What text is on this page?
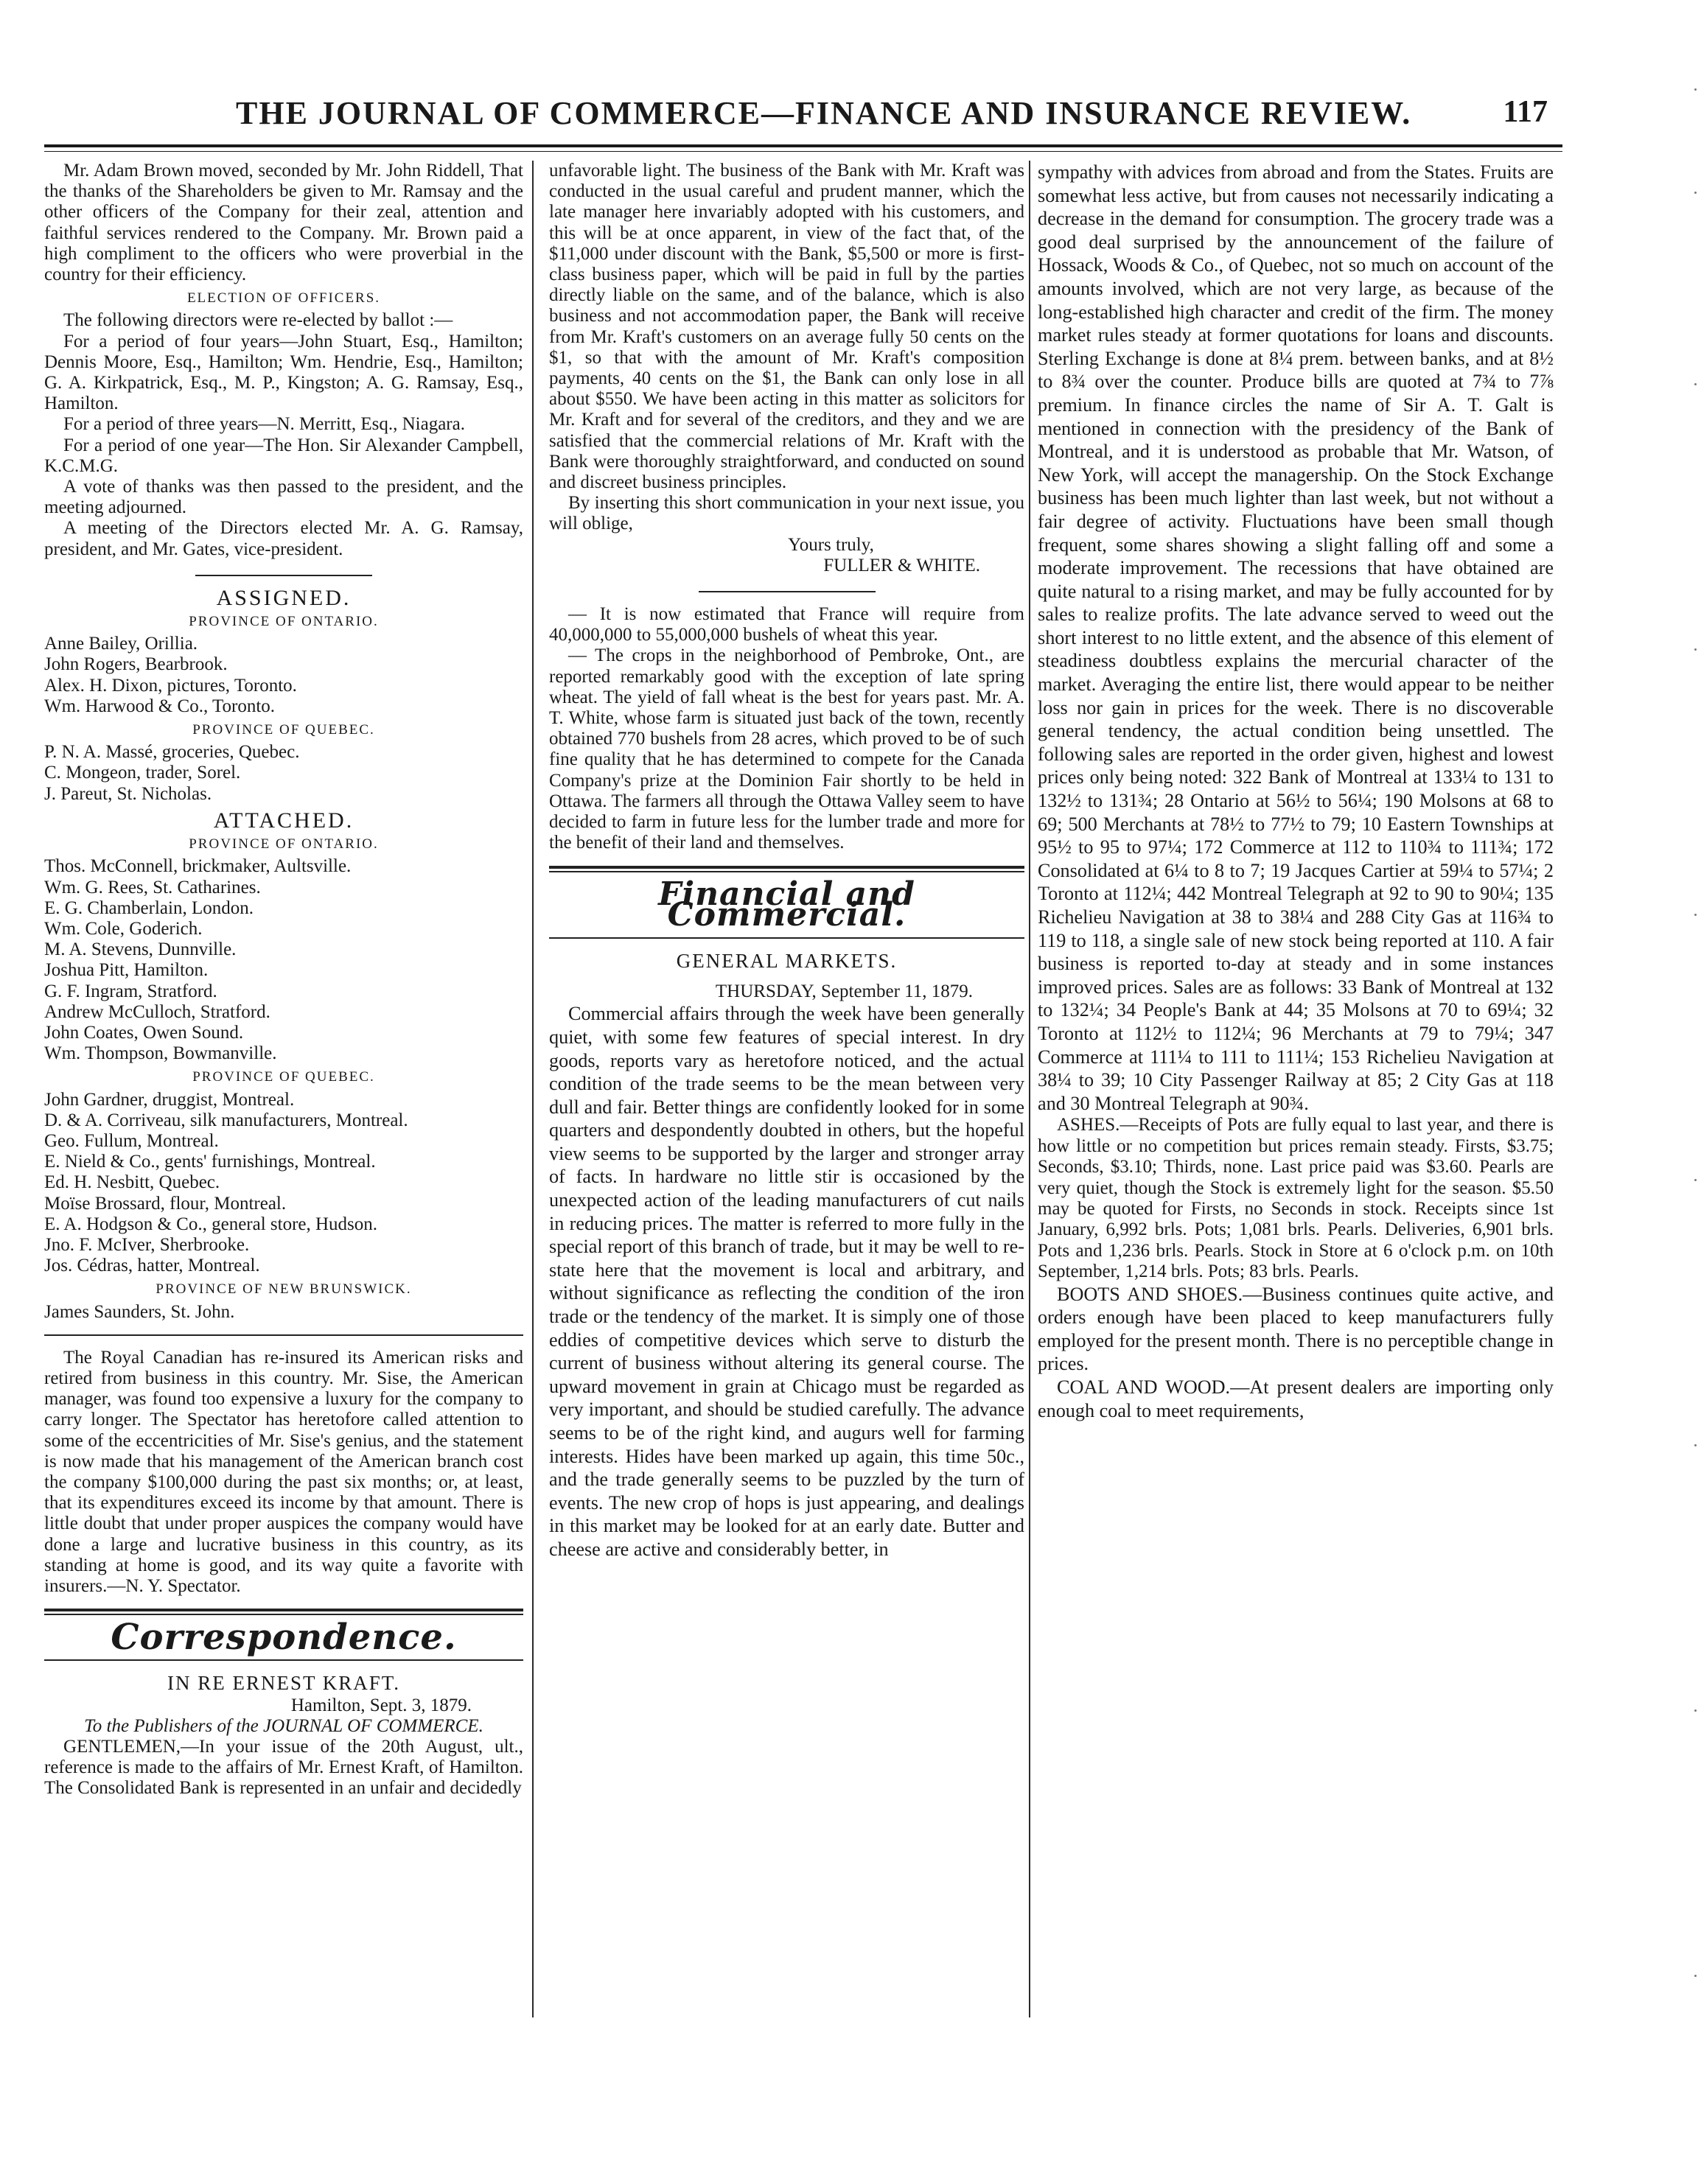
THE JOURNAL OF COMMERCE—FINANCE AND INSURANCE REVIEW.	117

Mr. Adam Brown moved, seconded by Mr. John Riddell, That the thanks of the Shareholders be given to Mr. Ramsay and the other officers of the Company for their zeal, attention and faithful services rendered to the Company. Mr. Brown paid a high compliment to the officers who were proverbial in the country for their efficiency.

ELECTION OF OFFICERS.

The following directors were re-elected by ballot :—

For a period of four years—John Stuart, Esq., Hamilton; Dennis Moore, Esq., Hamilton; Wm. Hendrie, Esq., Hamilton; G. A. Kirkpatrick, Esq., M. P., Kingston; A. G. Ramsay, Esq., Hamilton.

For a period of three years—N. Merritt, Esq., Niagara.

For a period of one year—The Hon. Sir Alexander Campbell, K.C.M.G.

A vote of thanks was then passed to the president, and the meeting adjourned.

A meeting of the Directors elected Mr. A. G. Ramsay, president, and Mr. Gates, vice-president.

ASSIGNED.
PROVINCE OF ONTARIO.

Anne Bailey, Orillia.

John Rogers, Bearbrook.

Alex. H. Dixon, pictures, Toronto.

Wm. Harwood & Co., Toronto.

PROVINCE OF QUEBEC.

P. N. A. Massé, groceries, Quebec.

C. Mongeon, trader, Sorel.

J. Pareut, St. Nicholas.

ATTACHED.
PROVINCE OF ONTARIO.

Thos. McConnell, brickmaker, Aultsville.

Wm. G. Rees, St. Catharines.

E. G. Chamberlain, London.

Wm. Cole, Goderich.

M. A. Stevens, Dunnville.

Joshua Pitt, Hamilton.

G. F. Ingram, Stratford.

Andrew McCulloch, Stratford.

John Coates, Owen Sound.

Wm. Thompson, Bowmanville.

PROVINCE OF QUEBEC.

John Gardner, druggist, Montreal.

D. & A. Corriveau, silk manufacturers, Montreal.

Geo. Fullum, Montreal.

E. Nield & Co., gents' furnishings, Montreal.

Ed. H. Nesbitt, Quebec.

Moïse Brossard, flour, Montreal.

E. A. Hodgson & Co., general store, Hudson.

Jno. F. McIver, Sherbrooke.

Jos. Cédras, hatter, Montreal.

PROVINCE OF NEW BRUNSWICK.

James Saunders, St. John.

The Royal Canadian has re-insured its American risks and retired from business in this country. Mr. Sise, the American manager, was found too expensive a luxury for the company to carry longer. The Spectator has heretofore called attention to some of the eccentricities of Mr. Sise's genius, and the statement is now made that his management of the American branch cost the company $100,000 during the past six months; or, at least, that its expenditures exceed its income by that amount. There is little doubt that under proper auspices the company would have done a large and lucrative business in this country, as its standing at home is good, and its way quite a favorite with insurers.—N. Y. Spectator.

Correspondence.
IN RE ERNEST KRAFT.

Hamilton, Sept. 3, 1879.

To the Publishers of the JOURNAL OF COMMERCE.

GENTLEMEN,—In your issue of the 20th August, ult., reference is made to the affairs of Mr. Ernest Kraft, of Hamilton. The Consolidated Bank is represented in an unfair and decidedly

unfavorable light. The business of the Bank with Mr. Kraft was conducted in the usual careful and prudent manner, which the late manager here invariably adopted with his customers, and this will be at once apparent, in view of the fact that, of the $11,000 under discount with the Bank, $5,500 or more is first-class business paper, which will be paid in full by the parties directly liable on the same, and of the balance, which is also business and not accommodation paper, the Bank will receive from Mr. Kraft's customers on an average fully 50 cents on the $1, so that with the amount of Mr. Kraft's composition payments, 40 cents on the $1, the Bank can only lose in all about $550. We have been acting in this matter as solicitors for Mr. Kraft and for several of the creditors, and they and we are satisfied that the commercial relations of Mr. Kraft with the Bank were thoroughly straightforward, and conducted on sound and discreet business principles.

By inserting this short communication in your next issue, you will oblige,

Yours truly,

FULLER & WHITE.

— It is now estimated that France will require from 40,000,000 to 55,000,000 bushels of wheat this year.

— The crops in the neighborhood of Pembroke, Ont., are reported remarkably good with the exception of late spring wheat. The yield of fall wheat is the best for years past. Mr. A. T. White, whose farm is situated just back of the town, recently obtained 770 bushels from 28 acres, which proved to be of such fine quality that he has determined to compete for the Canada Company's prize at the Dominion Fair shortly to be held in Ottawa. The farmers all through the Ottawa Valley seem to have decided to farm in future less for the lumber trade and more for the benefit of their land and themselves.

Financial and Commercial.
GENERAL MARKETS.

THURSDAY, September 11, 1879.

Commercial affairs through the week have been generally quiet, with some few features of special interest. In dry goods, reports vary as heretofore noticed, and the actual condition of the trade seems to be the mean between very dull and fair. Better things are confidently looked for in some quarters and despondently doubted in others, but the hopeful view seems to be supported by the larger and stronger array of facts. In hardware no little stir is occasioned by the unexpected action of the leading manufacturers of cut nails in reducing prices. The matter is referred to more fully in the special report of this branch of trade, but it may be well to re-state here that the movement is local and arbitrary, and without significance as reflecting the condition of the iron trade or the tendency of the market. It is simply one of those eddies of competitive devices which serve to disturb the current of business without altering its general course. The upward movement in grain at Chicago must be regarded as very important, and should be studied carefully. The advance seems to be of the right kind, and augurs well for farming interests. Hides have been marked up again, this time 50c., and the trade generally seems to be puzzled by the turn of events. The new crop of hops is just appearing, and dealings in this market may be looked for at an early date. Butter and cheese are active and considerably better, in

sympathy with advices from abroad and from the States. Fruits are somewhat less active, but from causes not necessarily indicating a decrease in the demand for consumption. The grocery trade was a good deal surprised by the announcement of the failure of Hossack, Woods & Co., of Quebec, not so much on account of the amounts involved, which are not very large, as because of the long-established high character and credit of the firm. The money market rules steady at former quotations for loans and discounts. Sterling Exchange is done at 8¼ prem. between banks, and at 8½ to 8¾ over the counter. Produce bills are quoted at 7¾ to 7⅞ premium. In finance circles the name of Sir A. T. Galt is mentioned in connection with the presidency of the Bank of Montreal, and it is understood as probable that Mr. Watson, of New York, will accept the managership. On the Stock Exchange business has been much lighter than last week, but not without a fair degree of activity. Fluctuations have been small though frequent, some shares showing a slight falling off and some a moderate improvement. The recessions that have obtained are quite natural to a rising market, and may be fully accounted for by sales to realize profits. The late advance served to weed out the short interest to no little extent, and the absence of this element of steadiness doubtless explains the mercurial character of the market. Averaging the entire list, there would appear to be neither loss nor gain in prices for the week. There is no discoverable general tendency, the actual condition being unsettled. The following sales are reported in the order given, highest and lowest prices only being noted: 322 Bank of Montreal at 133¼ to 131 to 132½ to 131¾; 28 Ontario at 56½ to 56¼; 190 Molsons at 68 to 69; 500 Merchants at 78½ to 77½ to 79; 10 Eastern Townships at 95½ to 95 to 97¼; 172 Commerce at 112 to 110¾ to 111¾; 172 Consolidated at 6¼ to 8 to 7; 19 Jacques Cartier at 59¼ to 57¼; 2 Toronto at 112¼; 442 Montreal Telegraph at 92 to 90 to 90¼; 135 Richelieu Navigation at 38 to 38¼ and 288 City Gas at 116¾ to 119 to 118, a single sale of new stock being reported at 110. A fair business is reported to-day at steady and in some instances improved prices. Sales are as follows: 33 Bank of Montreal at 132 to 132¼; 34 People's Bank at 44; 35 Molsons at 70 to 69¼; 32 Toronto at 112½ to 112¼; 96 Merchants at 79 to 79¼; 347 Commerce at 111¼ to 111 to 111¼; 153 Richelieu Navigation at 38¼ to 39; 10 City Passenger Railway at 85; 2 City Gas at 118 and 30 Montreal Telegraph at 90¾.

ASHES.—Receipts of Pots are fully equal to last year, and there is how little or no competition but prices remain steady. Firsts, $3.75; Seconds, $3.10; Thirds, none. Last price paid was $3.60. Pearls are very quiet, though the Stock is extremely light for the season. $5.50 may be quoted for Firsts, no Seconds in stock. Receipts since 1st January, 6,992 brls. Pots; 1,081 brls. Pearls. Deliveries, 6,901 brls. Pots and 1,236 brls. Pearls. Stock in Store at 6 o'clock p.m. on 10th September, 1,214 brls. Pots; 83 brls. Pearls.

BOOTS AND SHOES.—Business continues quite active, and orders enough have been placed to keep manufacturers fully employed for the present month. There is no perceptible change in prices.

COAL AND WOOD.—At present dealers are importing only enough coal to meet requirements,
